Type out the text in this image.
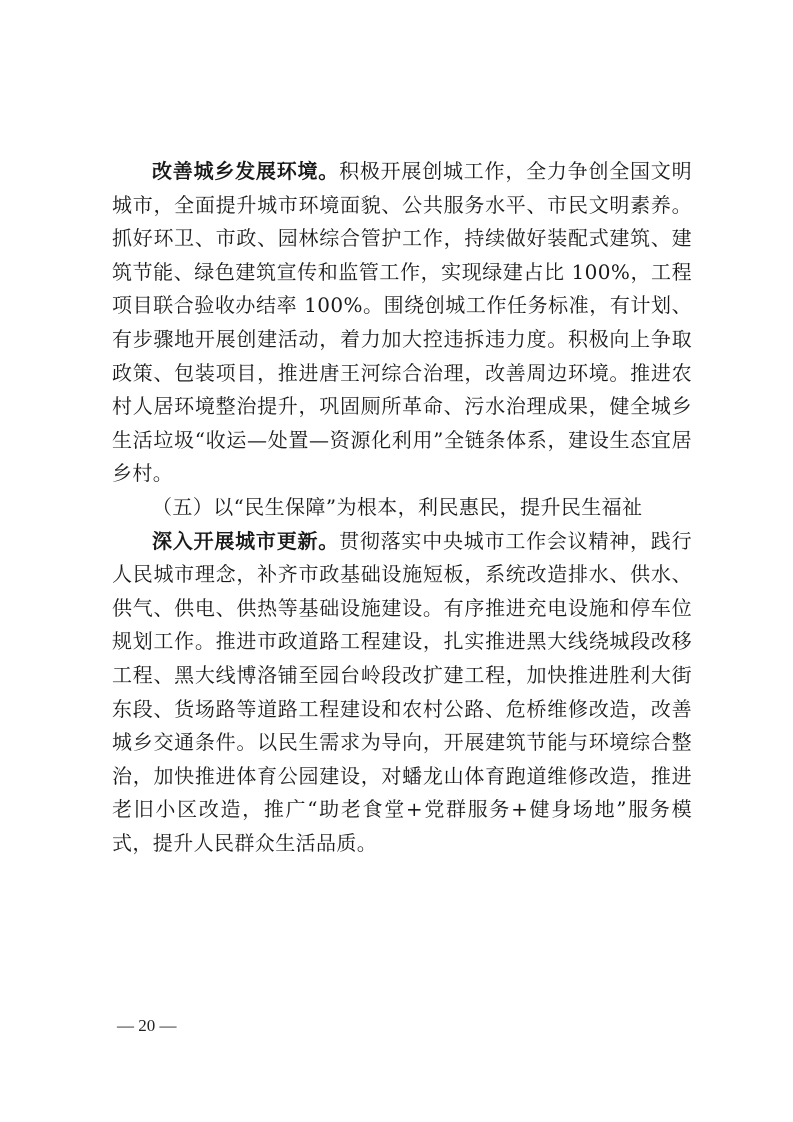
改善城乡发展环境。积极开展创城工作，全力争创全国文明城市，全面提升城市环境面貌、公共服务水平、市民文明素养。抓好环卫、市政、园林综合管护工作，持续做好装配式建筑、建筑节能、绿色建筑宣传和监管工作，实现绿建占比 100%，工程项目联合验收办结率 100%。围绕创城工作任务标准，有计划、有步骤地开展创建活动，着力加大控违拆违力度。积极向上争取政策、包装项目，推进唐王河综合治理，改善周边环境。推进农村人居环境整治提升，巩固厕所革命、污水治理成果，健全城乡生活垃圾“收运—处置—资源化利用”全链条体系，建设生态宜居乡村。

（五）以“民生保障”为根本，利民惠民，提升民生福祉

深入开展城市更新。贯彻落实中央城市工作会议精神，践行人民城市理念，补齐市政基础设施短板，系统改造排水、供水、供气、供电、供热等基础设施建设。有序推进充电设施和停车位规划工作。推进市政道路工程建设，扎实推进黑大线绕城段改移工程、黑大线博洛铺至园台岭段改扩建工程，加快推进胜利大街东段、货场路等道路工程建设和农村公路、危桥维修改造，改善城乡交通条件。以民生需求为导向，开展建筑节能与环境综合整治，加快推进体育公园建设，对蟠龙山体育跑道维修改造，推进老旧小区改造，推广“助老食堂+党群服务+健身场地”服务模式，提升人民群众生活品质。

— 20 —
